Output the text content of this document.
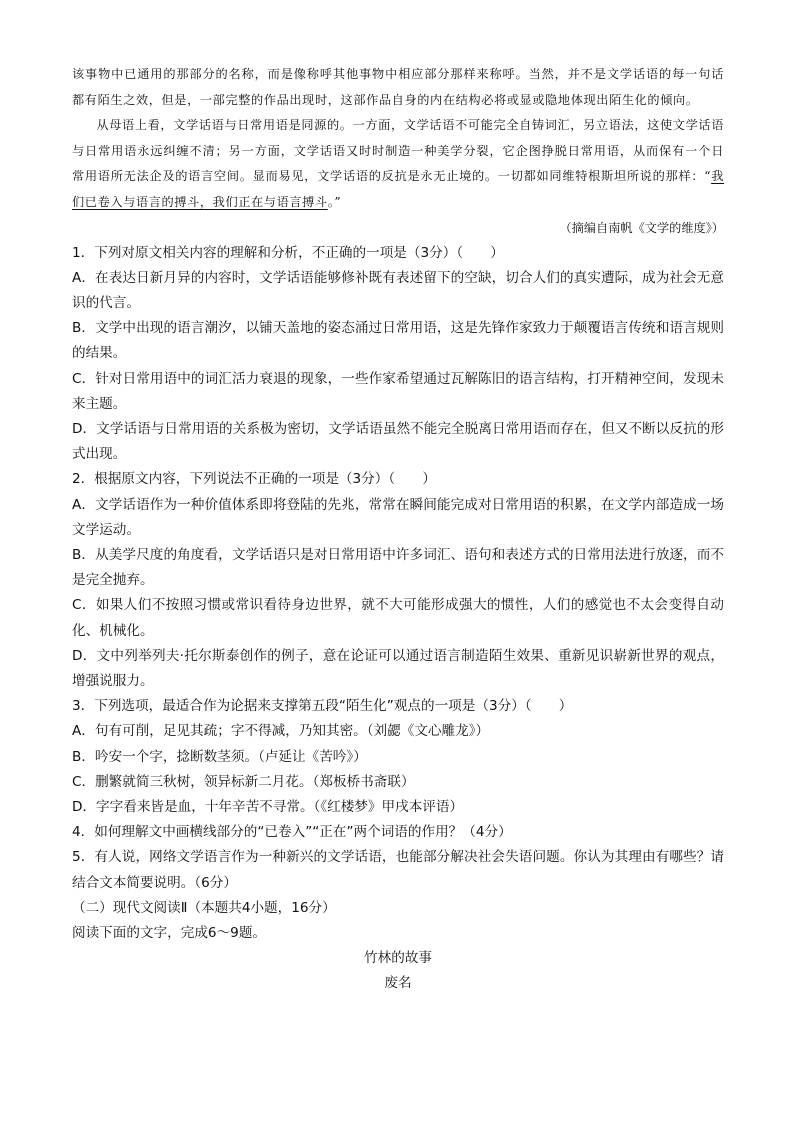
该事物中已通用的那部分的名称，而是像称呼其他事物中相应部分那样来称呼。当然，并不是文学话语的每一句话都有陌生之效，但是，一部完整的作品出现时，这部作品自身的内在结构必将或显或隐地体现出陌生化的倾向。

从母语上看，文学话语与日常用语是同源的。一方面，文学话语不可能完全自铸词汇，另立语法，这使文学话语与日常用语永远纠缠不清；另一方面，文学话语又时时制造一种美学分裂，它企图挣脱日常用语，从而保有一个日常用语所无法企及的语言空间。显而易见，文学话语的反抗是永无止境的。一切都如同维特根斯坦所说的那样：“我们已卷入与语言的搏斗，我们正在与语言搏斗。”

（摘编自南帆《文学的维度》）

1．下列对原文相关内容的理解和分析，不正确的一项是（3分）（　　）

A．在表达日新月异的内容时，文学话语能够修补既有表述留下的空缺，切合人们的真实遭际，成为社会无意识的代言。

B．文学中出现的语言潮汐，以铺天盖地的姿态涌过日常用语，这是先锋作家致力于颠覆语言传统和语言规则的结果。

C．针对日常用语中的词汇活力衰退的现象，一些作家希望通过瓦解陈旧的语言结构，打开精神空间，发现未来主题。

D．文学话语与日常用语的关系极为密切，文学话语虽然不能完全脱离日常用语而存在，但又不断以反抗的形式出现。

2．根据原文内容，下列说法不正确的一项是（3分）（　　）

A．文学话语作为一种价值体系即将登陆的先兆，常常在瞬间能完成对日常用语的积累，在文学内部造成一场文学运动。

B．从美学尺度的角度看，文学话语只是对日常用语中许多词汇、语句和表述方式的日常用法进行放逐，而不是完全抛弃。

C．如果人们不按照习惯或常识看待身边世界，就不大可能形成强大的惯性，人们的感觉也不太会变得自动化、机械化。

D．文中列举列夫·托尔斯泰创作的例子，意在论证可以通过语言制造陌生效果、重新见识崭新世界的观点，增强说服力。

3．下列选项，最适合作为论据来支撑第五段“陌生化”观点的一项是（3分）（　　）

A．句有可削，足见其疏；字不得减，乃知其密。（刘勰《文心雕龙》）

B．吟安一个字，捻断数茎须。（卢延让《苦吟》）

C．删繁就简三秋树，领异标新二月花。（郑板桥书斋联）

D．字字看来皆是血，十年辛苦不寻常。（《红楼梦》甲戌本评语）

4．如何理解文中画横线部分的“已卷入”“正在”两个词语的作用？（4分）

5．有人说，网络文学语言作为一种新兴的文学话语，也能部分解决社会失语问题。你认为其理由有哪些？请结合文本简要说明。（6分）

（二）现代文阅读Ⅱ（本题共4小题，16分）

阅读下面的文字，完成6～9题。

竹林的故事
废名
